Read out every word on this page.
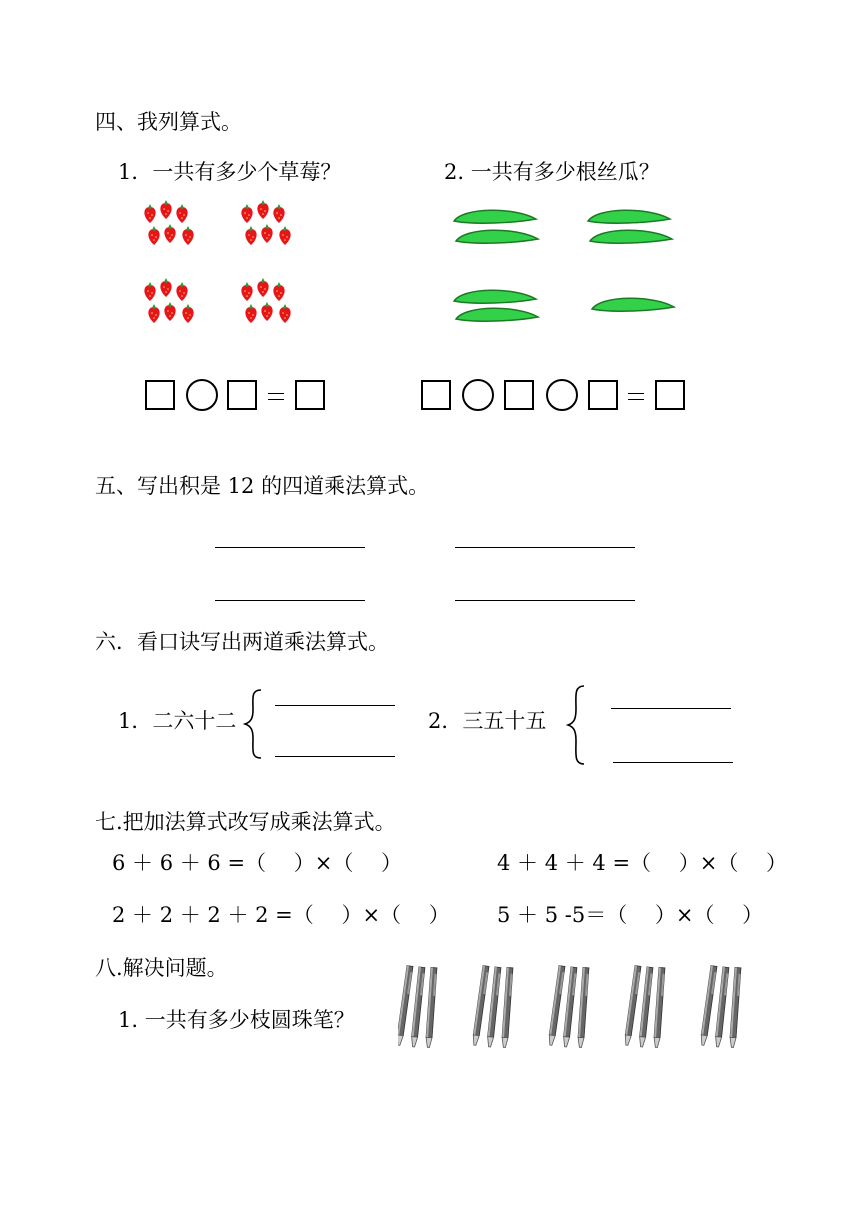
四、我列算式。
1．一共有多少个草莓？	2. 一共有多少根丝瓜？
五、写出积是 12 的四道乘法算式。
六．看口诀写出两道乘法算式。
1．二六十二	2．三五十五
七.把加法算式改写成乘法算式。
6 ＋ 6 ＋ 6 =（　 ）×（　 ）	4 ＋ 4 ＋ 4 =（　 ）×（　 ）
2 ＋ 2 ＋ 2 ＋ 2 =（　 ）×（　 ） 5 ＋ 5 -5＝（　 ）×（　 ）
八.解决问题。
1. 一共有多少枝圆珠笔？
